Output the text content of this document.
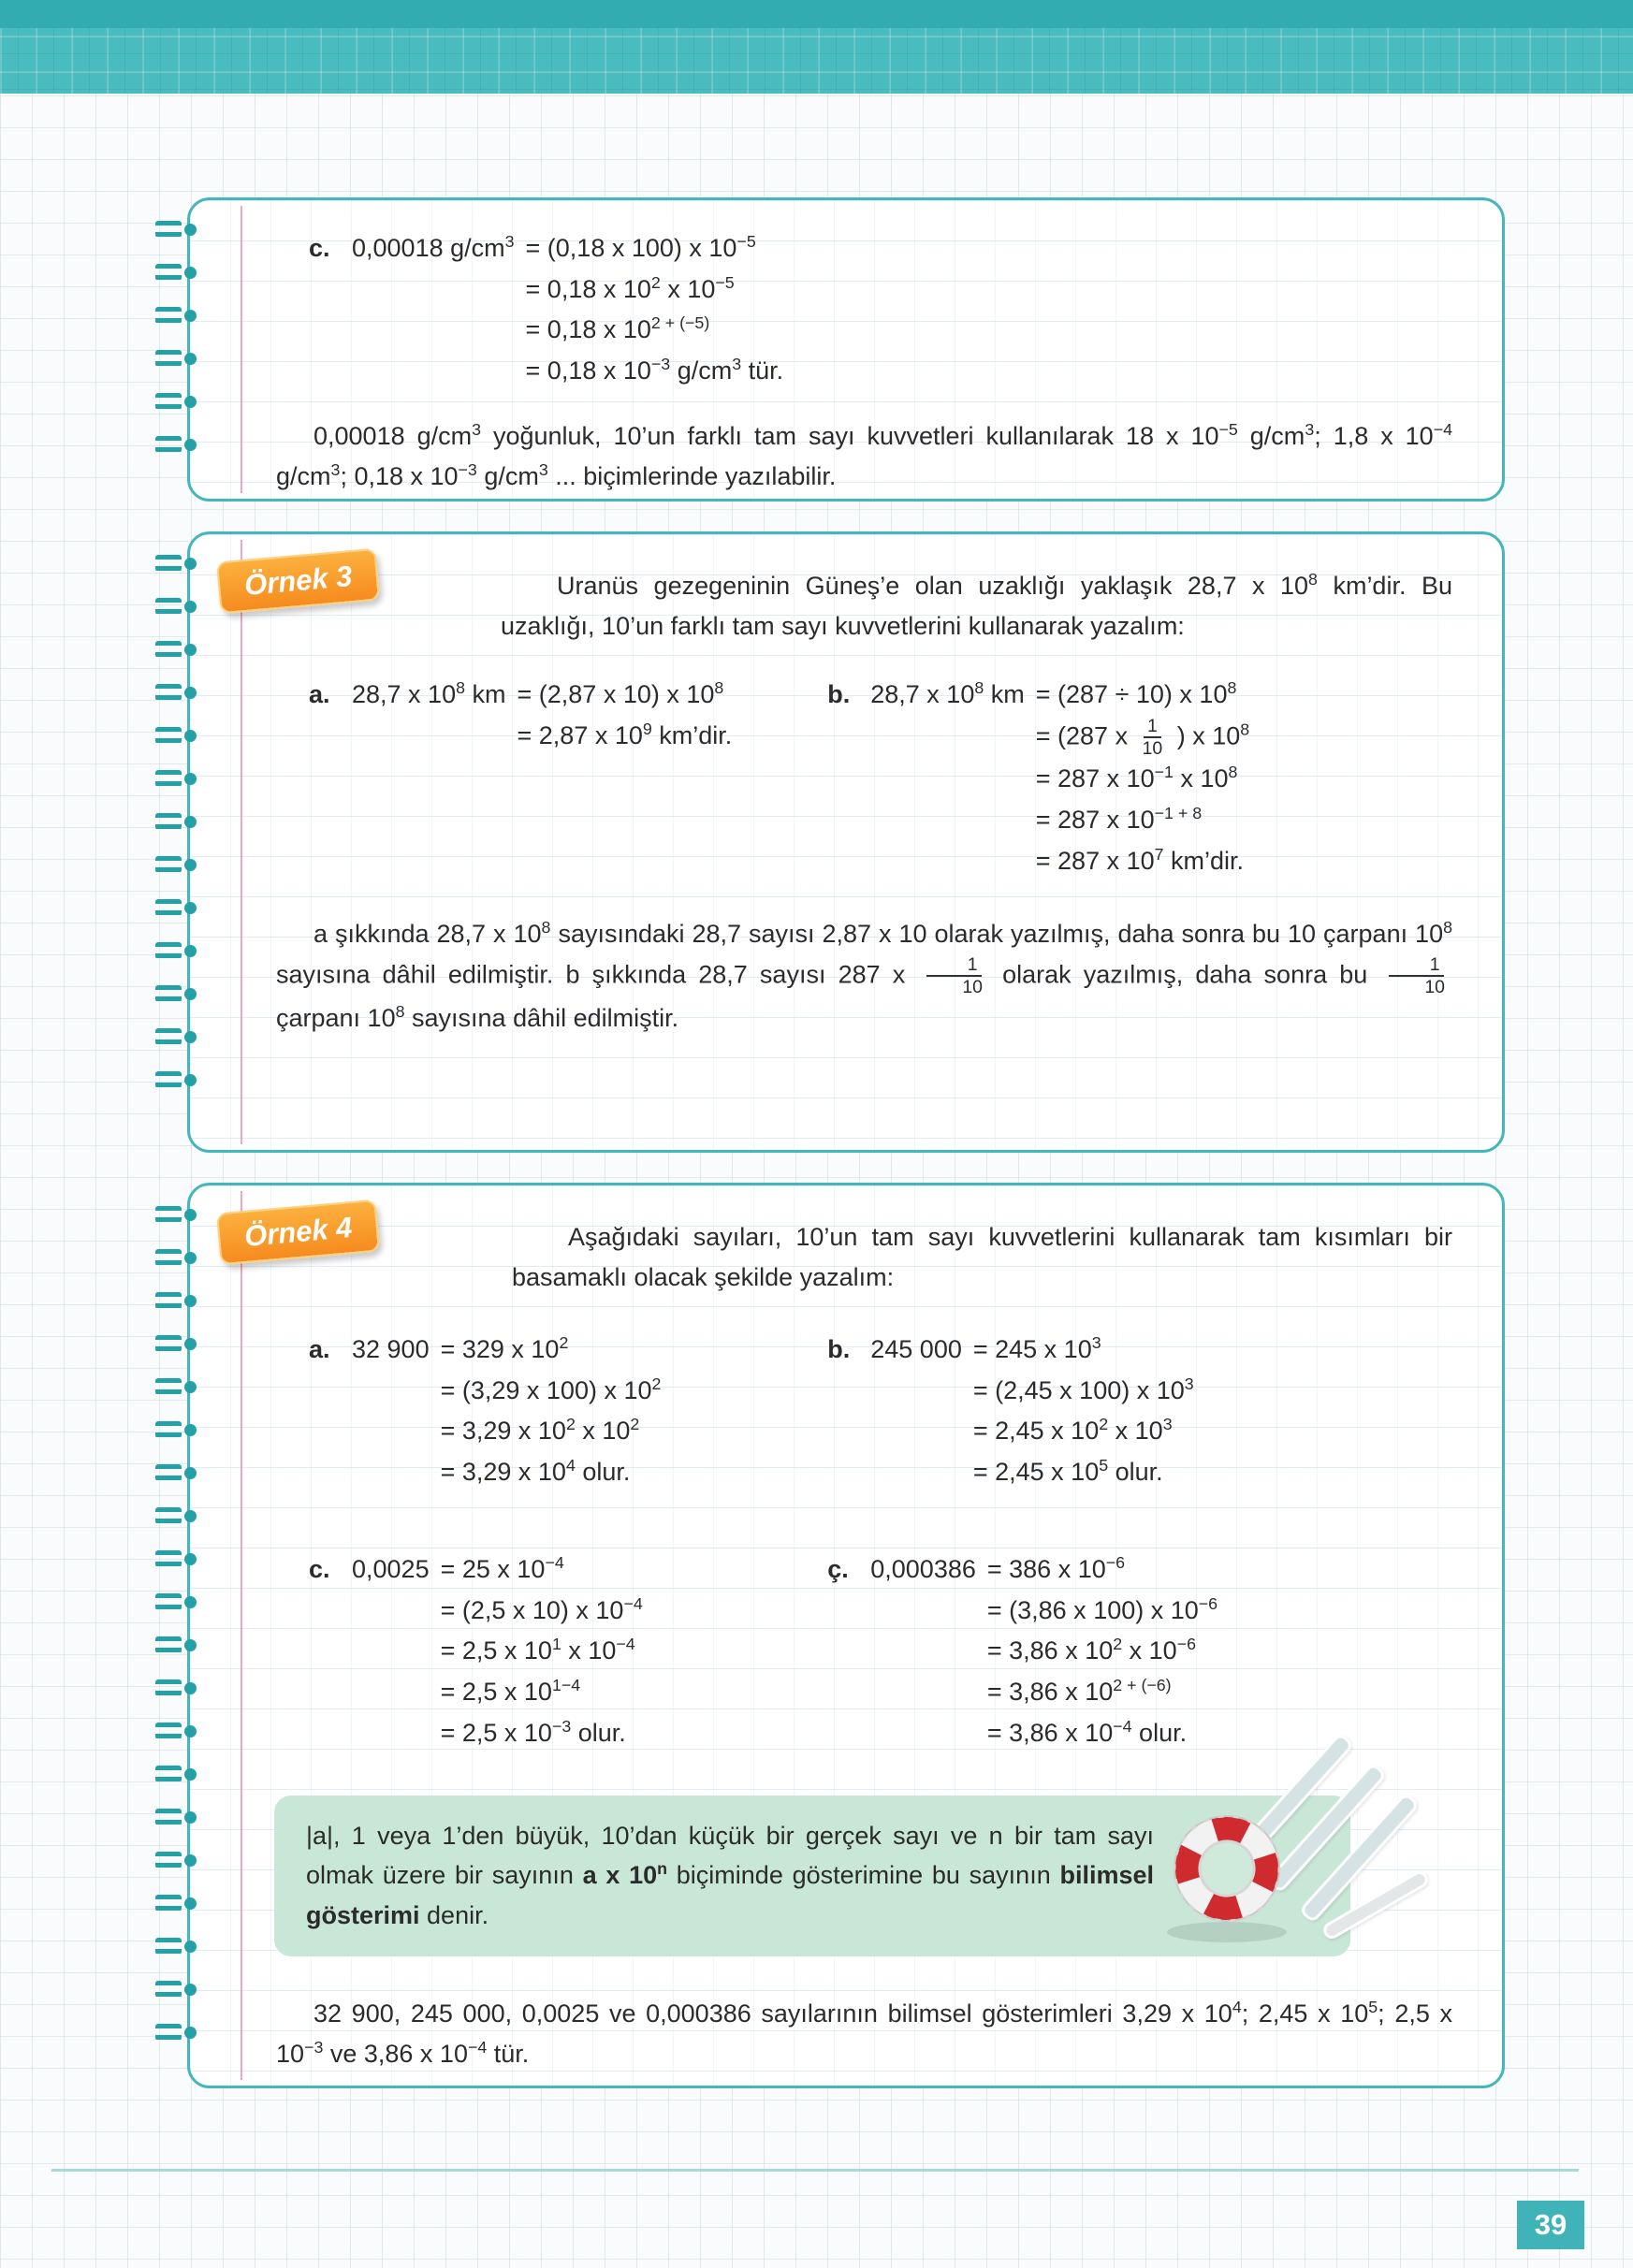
c. 0,00018 $g/cm^3 = (0,18$ x 100) x $10^{-5}$
= 0,18 x $10^2$ x $10^{-5}$
= 0,18 x $10^{2 + (-5)}$
= 0,18 x $10^{-3}$ $g/cm^3$ tür.

0,00018 $g/cm^3$ yoğunluk, 10’un farklı tam sayı kuvvetleri kullanılarak 18 x $10^{-5}$ $g/cm^3$; 1,8 x $10^{-4}$ $g/cm^3$; 0,18 x $10^{-3}$ $g/cm^3$ ... biçimlerinde yazılabilir.

Örnek 3	Uranüs gezegeninin Güneş’e olan uzaklığı yaklaşık 28,7 x $10^8$ km’dir. Bu uzaklığı, 10’un farklı tam sayı kuvvetlerini kullanarak yazalım:

a. 28,7 x $10^8$ km = (2,87 x 10) x $10^8$
= 2,87 x $10^9$ km’dir.
b. 28,7 x $10^8$ km = (287 ÷ 10) x $10^8$
= (287 x $\frac{1}{10}$ ) x $10^8$
= 287 x $10^{-1}$ x $10^8$
= 287 x $10^{-1 + 8}$
= 287 x $10^7$ km’dir.

a şıkkında 28,7 x $10^8$ sayısındaki 28,7 sayısı 2,87 x 10 olarak yazılmış, daha sonra bu 10 çarpanı $10^8$ sayısına dâhil edilmiştir. b şıkkında 28,7 sayısı 287 x $\frac{1}{10}$ olarak yazılmış, daha sonra bu $\frac{1}{10}$
çarpanı $10^8$ sayısına dâhil edilmiştir.

Örnek 4	Aşağıdaki sayıları, 10’un tam sayı kuvvetlerini kullanarak tam kısımları bir basamaklı olacak şekilde yazalım:

a. 32 900 = 329 x $10^2$
= (3,29 x 100) x $10^2$
= 3,29 x $10^2$ x $10^2$
= 3,29 x $10^4$ olur.
b. 245 000 = 245 x $10^3$
= (2,45 x 100) x $10^3$
= 2,45 x $10^2$ x $10^3$
= 2,45 x $10^5$ olur.
c. 0,0025 = 25 x $10^{-4}$
= (2,5 x 10) x $10^{-4}$
= 2,5 x $10^1$ x $10^{-4}$
= 2,5 x $10^{1-4}$
= 2,5 x $10^{-3}$ olur.
ç. 0,000386 = 386 x $10^{-6}$
= (3,86 x 100) x $10^{-6}$
= 3,86 x $10^2$ x $10^{-6}$
= 3,86 x $10^{2 + (-6)}$
= 3,86 x $10^{-4}$ olur.
|a|, 1 veya 1’den büyük, 10’dan küçük bir gerçek sayı ve n bir tam sayı olmak üzere bir sayının a x 10$^n$ biçiminde gösterimine bu sayının bilimsel gösterimi denir.

32 900, 245 000, 0,0025 ve 0,000386 sayılarının bilimsel gösterimleri 3,29 x $10^4$; 2,45 x $10^5$; 2,5 x $10^{-3}$ ve 3,86 x $10^{-4}$ tür.

39
